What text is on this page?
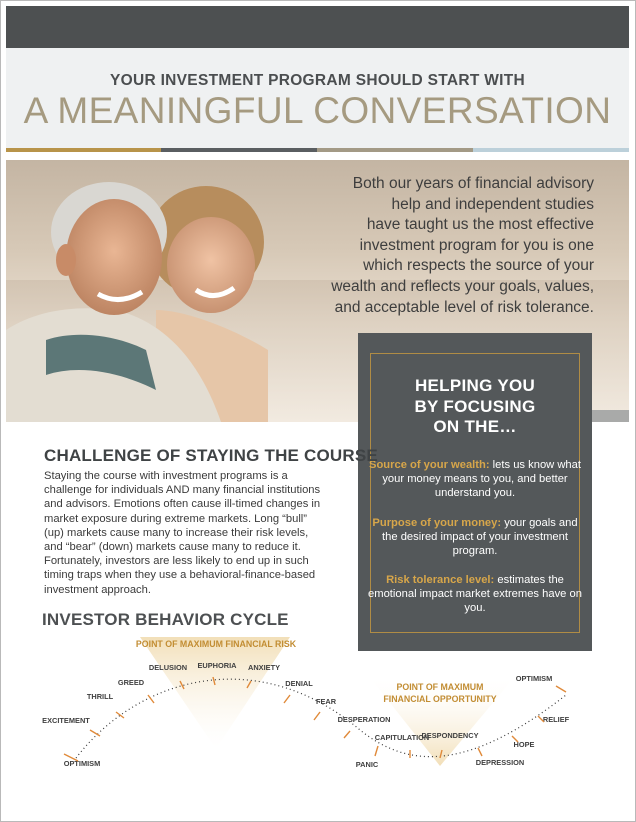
YOUR INVESTMENT PROGRAM SHOULD START WITH
A MEANINGFUL CONVERSATION
Both our years of financial advisory
help and independent studies
have taught us the most effective
investment program for you is one
which respects the source of your
wealth and reflects your goals, values,
and acceptable level of risk tolerance.
HELPING YOU
BY FOCUSING
ON THE…
Source of your wealth: lets us know what your money means to you, and better understand you.
Purpose of your money: your goals and the desired impact of your investment program.
Risk tolerance level: estimates the emotional impact market extremes have on you.
CHALLENGE OF STAYING THE COURSE
Staying the course with investment programs is a
challenge for individuals AND many financial institutions
and advisors. Emotions often cause ill-timed changes in
market exposure during extreme markets. Long “bull”
(up) markets cause many to increase their risk levels,
and “bear” (down) markets cause many to reduce it.
Fortunately, investors are less likely to end up in such
timing traps when they use a behavioral-finance-based
investment approach.
INVESTOR BEHAVIOR CYCLE
POINT OF MAXIMUM FINANCIAL RISK
POINT OF MAXIMUM
FINANCIAL OPPORTUNITY
OPTIMISM
EXCITEMENT
THRILL
GREED
DELUSION EUPHORIA ANXIETY
DENIAL
FEAR
DESPERATION
PANIC
CAPITULATION
DESPONDENCY
DEPRESSION
HOPE
RELIEF
OPTIMISM
